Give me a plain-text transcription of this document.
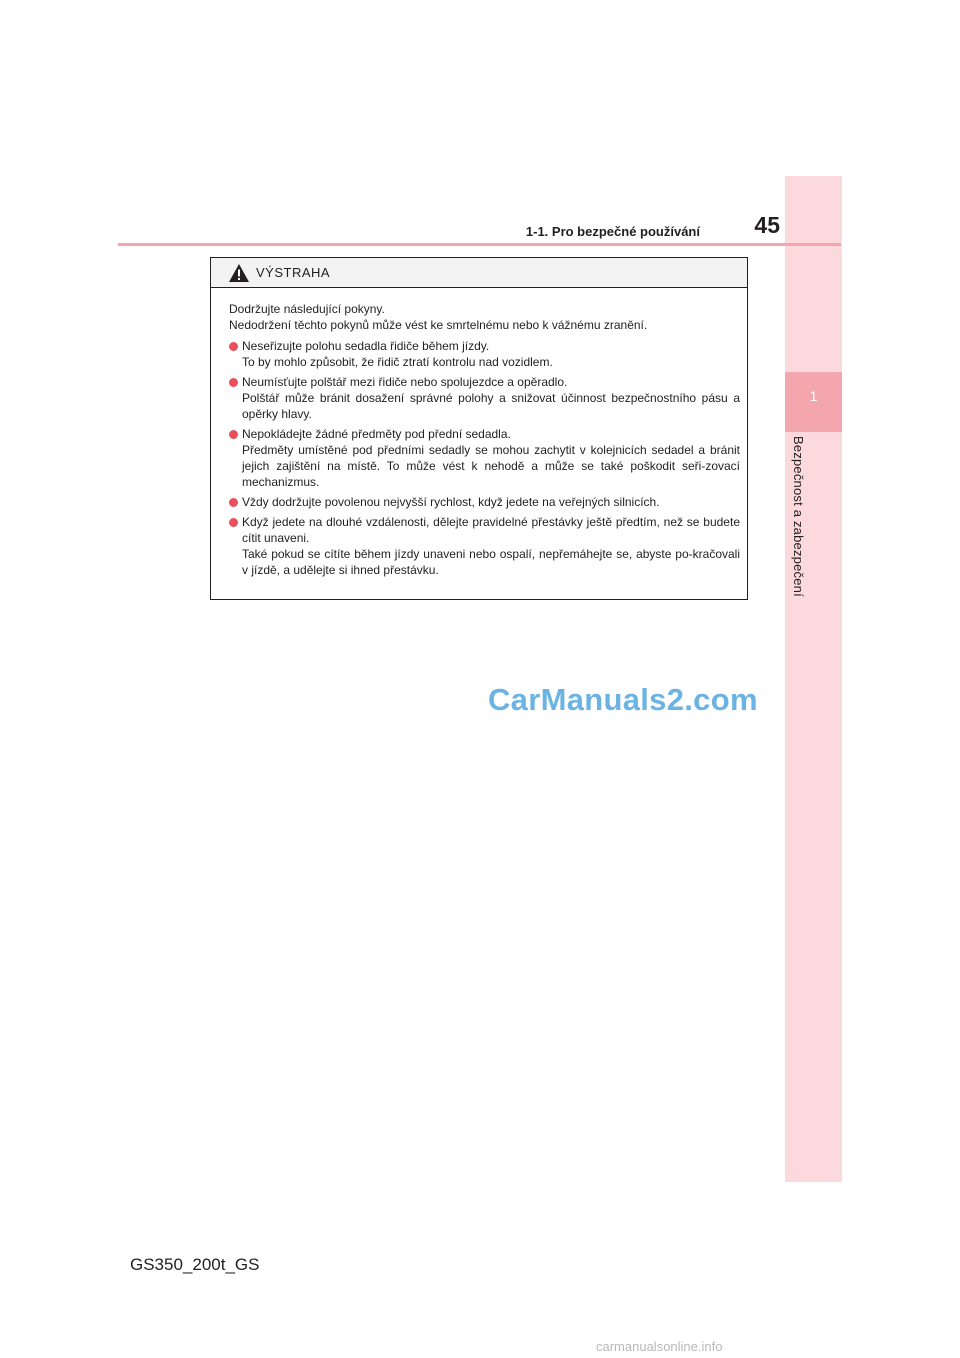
1
Bezpečnost a zabezpečení
1-1. Pro bezpečné používání	45
VÝSTRAHA

Dodržujte následující pokyny.
Nedodržení těchto pokynů může vést ke smrtelnému nebo k vážnému zranění.

Neseřizujte polohu sedadla řidiče během jízdy.
To by mohlo způsobit, že řidič ztratí kontrolu nad vozidlem.
Neumísťujte polštář mezi řidiče nebo spolujezdce a opěradlo.
Polštář může bránit dosažení správné polohy a snižovat účinnost bezpečnostního pásu a opěrky hlavy.
Nepokládejte žádné předměty pod přední sedadla.
Předměty umístěné pod předními sedadly se mohou zachytit v kolejnicích sedadel a bránit jejich zajištění na místě. To může vést k nehodě a může se také poškodit seři-zovací mechanizmus.
Vždy dodržujte povolenou nejvyšší rychlost, když jedete na veřejných silnicích.
Když jedete na dlouhé vzdálenosti, dělejte pravidelné přestávky ještě předtím, než se budete cítit unaveni.
Také pokud se cítíte během jízdy unaveni nebo ospalí, nepřemáhejte se, abyste po-kračovali v jízdě, a udělejte si ihned přestávku.
CarManuals2.com
GS350_200t_GS
carmanualsonline.info
